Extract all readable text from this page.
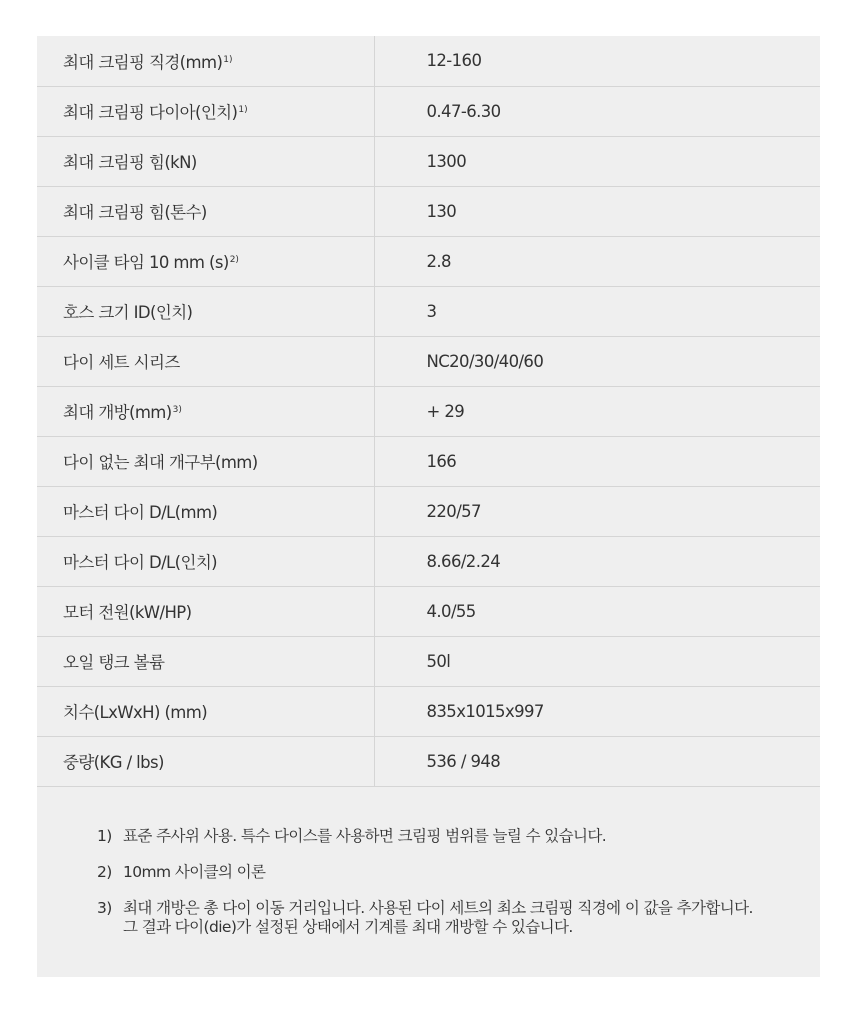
최대 크림핑 직경(mm)$^{1)}$	12-160
최대 크림핑 다이아(인치)$^{1)}$	0.47-6.30
최대 크림핑 힘(kN)	1300
최대 크림핑 힘(톤수)	130
사이클 타임 10 mm $(s)^{2)}$	2.8
호스 크기 ID(인치)	3
다이 세트 시리즈	NC20/30/40/60
최대 개방(mm)$^{3)}$	+ 29
다이 없는 최대 개구부(mm)	166
마스터 다이 D/L(mm)	220/57
마스터 다이 D/L(인치)	8.66/2.24
모터 전원(kW/HP)	4.0/55
오일 탱크 볼륨	50l
치수(LxWxH) (mm)	835x1015x997
중량(KG / lbs)	536 / 948
1) 표준 주사위 사용. 특수 다이스를 사용하면 크림핑 범위를 늘릴 수 있습니다.
2) 10mm 사이클의 이론
3) 최대 개방은 총 다이 이동 거리입니다. 사용된 다이 세트의 최소 크림핑 직경에 이 값을 추가합니다.
그 결과 다이(die)가 설정된 상태에서 기계를 최대 개방할 수 있습니다.
